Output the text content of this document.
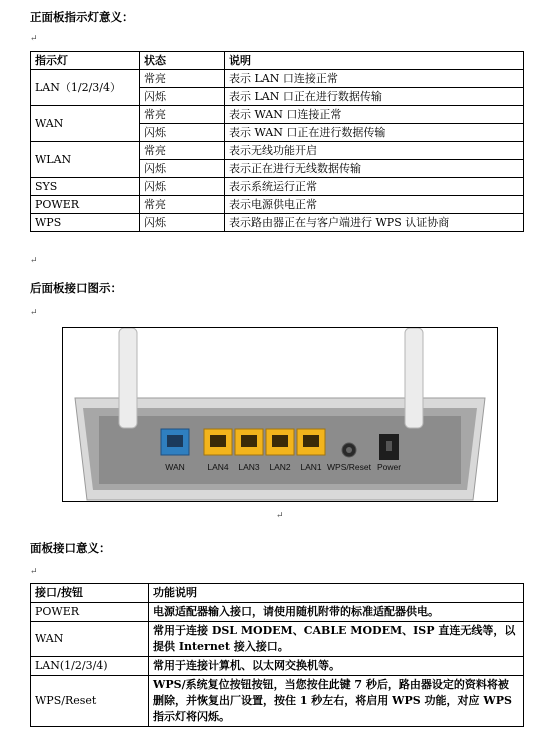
正面板指示灯意义：
↵
指示灯	状态	说明
LAN（1/2/3/4）	常亮	表示 LAN 口连接正常
	闪烁	表示 LAN 口正在进行数据传输
WAN	常亮	表示 WAN 口连接正常
	闪烁	表示 WAN 口正在进行数据传输
WLAN	常亮	表示无线功能开启
	闪烁	表示正在进行无线数据传输
SYS	闪烁	表示系统运行正常
POWER	常亮	表示电源供电正常
WPS	闪烁	表示路由器正在与客户端进行 WPS 认证协商
↵
后面板接口图示：
↵
WAN	LAN4 LAN3 LAN2 LAN1 WPS/Reset Power
↵
面板接口意义：
↵
接口/按钮	功能说明
POWER	电源适配器输入接口，请使用随机附带的标准适配器供电。
WAN	常用于连接 DSL MODEM、CABLE MODEM、ISP 直连无线等，以提供 Internet 接入接口。
LAN(1/2/3/4)	常用于连接计算机、以太网交换机等。
WPS/Reset	WPS/系统复位按钮按钮，当您按住此键 7 秒后，路由器设定的资料将被删除，并恢复出厂设置，按住 1 秒左右，将启用 WPS 功能，对应 WPS 指示灯将闪烁。
